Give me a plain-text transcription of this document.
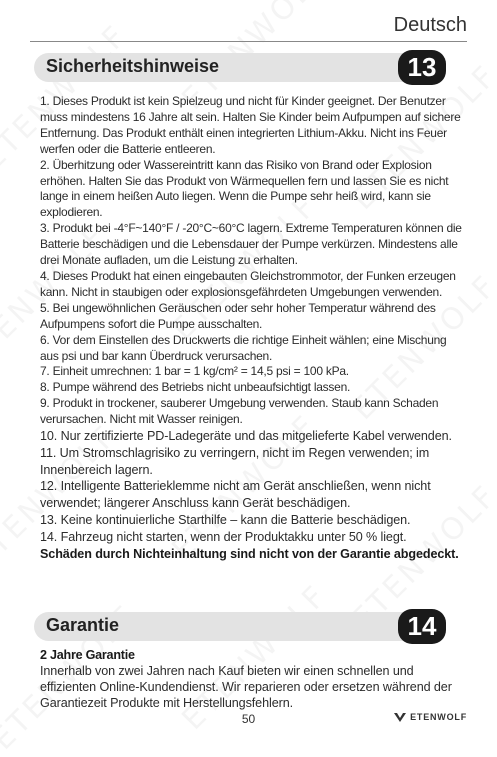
Deutsch
Sicherheitshinweise	13

1. Dieses Produkt ist kein Spielzeug und nicht für Kinder geeignet. Der Benutzer muss mindestens 16 Jahre alt sein. Halten Sie Kinder beim Aufpumpen auf sichere Entfernung. Das Produkt enthält einen integrierten Lithium-Akku. Nicht ins Feuer werfen oder die Batterie entleeren.

2. Überhitzung oder Wassereintritt kann das Risiko von Brand oder Explosion erhöhen. Halten Sie das Produkt von Wärmequellen fern und lassen Sie es nicht lange in einem heißen Auto liegen. Wenn die Pumpe sehr heiß wird, kann sie explodieren.

3. Produkt bei -4°F~140°F / -20°C~60°C lagern. Extreme Temperaturen können die Batterie beschädigen und die Lebensdauer der Pumpe verkürzen. Mindestens alle drei Monate aufladen, um die Leistung zu erhalten.

4. Dieses Produkt hat einen eingebauten Gleichstrommotor, der Funken erzeugen kann. Nicht in staubigen oder explosionsgefährdeten Umgebungen verwenden.

5. Bei ungewöhnlichen Geräuschen oder sehr hoher Temperatur während des Aufpumpens sofort die Pumpe ausschalten.

6. Vor dem Einstellen des Druckwerts die richtige Einheit wählen; eine Mischung aus psi und bar kann Überdruck verursachen.

7. Einheit umrechnen: 1 bar = 1 kg/cm² = 14,5 psi = 100 kPa.

8. Pumpe während des Betriebs nicht unbeaufsichtigt lassen.

9. Produkt in trockener, sauberer Umgebung verwenden. Staub kann Schaden verursachen. Nicht mit Wasser reinigen.

10. Nur zertifizierte PD-Ladegeräte und das mitgelieferte Kabel verwenden.

11. Um Stromschlagrisiko zu verringern, nicht im Regen verwenden; im Innenbereich lagern.

12. Intelligente Batterieklemme nicht am Gerät anschließen, wenn nicht verwendet; längerer Anschluss kann Gerät beschädigen.

13. Keine kontinuierliche Starthilfe – kann die Batterie beschädigen.

14. Fahrzeug nicht starten, wenn der Produktakku unter 50 % liegt.

Schäden durch Nichteinhaltung sind nicht von der Garantie abgedeckt.

Garantie	14
2 Jahre Garantie
Innerhalb von zwei Jahren nach Kauf bieten wir einen schnellen und effizienten Online-Kundendienst. Wir reparieren oder ersetzen während der Garantiezeit Produkte mit Herstellungsfehlern.
50	ETENWOLF
